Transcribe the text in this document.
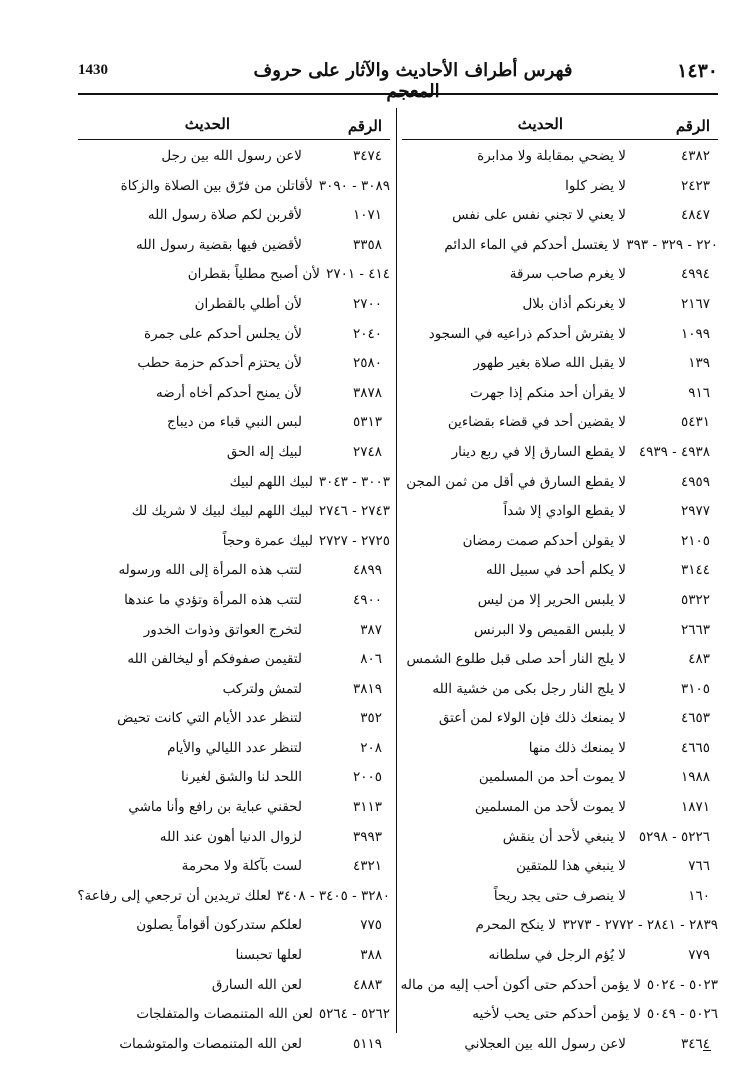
١٤٣٠
فهرس أطراف الأحاديث والآثار على حروف المعجم
1430
الرقم
الحديث
٤٣٨٢
لا يضحي بمقابلة ولا مدابرة
٢٤٢٣
لا يضر كلوا
٤٨٤٧
لا يعني لا تجني نفس على نفس
٢٢٠ - ٣٢٩ - ٣٩٣
لا يغتسل أحدكم في الماء الدائم
٤٩٩٤
لا يغرم صاحب سرقة
٢١٦٧
لا يغرنكم أذان بلال
١٠٩٩
لا يفترش أحدكم ذراعيه في السجود
١٣٩
لا يقبل الله صلاة بغير طهور
٩١٦
لا يقرأن أحد منكم إذا جهرت
٥٤٣١
لا يقضين أحد في قضاء بقضاءين
٤٩٣٨ - ٤٩٣٩
لا يقطع السارق إلا في ربع دينار
٤٩٥٩
لا يقطع السارق في أقل من ثمن المجن
٢٩٧٧
لا يقطع الوادي إلا شداً
٢١٠٥
لا يقولن أحدكم صمت رمضان
٣١٤٤
لا يكلم أحد في سبيل الله
٥٣٢٢
لا يلبس الحرير إلا من ليس
٢٦٦٣
لا يلبس القميص ولا البرنس
٤٨٣
لا يلج النار أحد صلى قبل طلوع الشمس
٣١٠٥
لا يلج النار رجل بكى من خشية الله
٤٦٥٣
لا يمنعك ذلك فإن الولاء لمن أعتق
٤٦٦٥
لا يمنعك ذلك منها
١٩٨٨
لا يموت أحد من المسلمين
١٨٧١
لا يموت لأحد من المسلمين
٥٢٢٦ - ٥٢٩٨
لا ينبغي لأحد أن ينقش
٧٦٦
لا ينبغي هذا للمتقين
١٦٠
لا ينصرف حتى يجد ريحاً
٢٨٣٩ - ٢٨٤١ - ٢٧٧٢ - ٣٢٧٣
لا ينكح المحرم
٧٧٩
لا يُؤم الرجل في سلطانه
٥٠٢٣ - ٥٠٢٤
لا يؤمن أحدكم حتى أكون أحب إليه من ماله
٥٠٢٦ - ٥٠٤٩
لا يؤمن أحدكم حتى يحب لأخيه
٣٤٦٤
لاعن رسول الله بين العجلاني
الرقم
الحديث
٣٤٧٤
لاعن رسول الله بين رجل
٣٠٨٩ - ٣٠٩٠
لأقاتلن من فرّق بين الصلاة والزكاة
١٠٧١
لأقربن لكم صلاة رسول الله
٣٣٥٨
لأقضين فيها بقضية رسول الله
٤١٤ - ٢٧٠١
لأن أصبح مطلياً بقطران
٢٧٠٠
لأن أطلي بالقطران
٢٠٤٠
لأن يجلس أحدكم على جمرة
٢٥٨٠
لأن يحتزم أحدكم حزمة حطب
٣٨٧٨
لأن يمنح أحدكم أخاه أرضه
٥٣١٣
لبس النبي قباء من ديباج
٢٧٤٨
لبيك إله الحق
٣٠٠٣ - ٣٠٤٣
لبيك اللهم لبيك
٢٧٤٣ - ٢٧٤٦
لبيك اللهم لبيك لبيك لا شريك لك
٢٧٢٥ - ٢٧٢٧
لبيك عمرة وحجاً
٤٨٩٩
لتتب هذه المرأة إلى الله ورسوله
٤٩٠٠
لتتب هذه المرأة وتؤدي ما عندها
٣٨٧
لتخرج العواتق وذوات الخدور
٨٠٦
لتقيمن صفوفكم أو ليخالفن الله
٣٨١٩
لتمش ولتركب
٣٥٢
لتنظر عدد الأيام التي كانت تحيض
٢٠٨
لتنظر عدد الليالي والأيام
٢٠٠٥
اللحد لنا والشق لغيرنا
٣١١٣
لحقني عباية بن رافع وأنا ماشي
٣٩٩٣
لزوال الدنيا أهون عند الله
٤٣٢١
لست بآكلة ولا محرمة
٣٢٨٠ - ٣٤٠٥ - ٣٤٠٨
لعلك تريدين أن ترجعي إلى رفاعة؟
٧٧٥
لعلكم ستدركون أقواماً يصلون
٣٨٨
لعلها تحبسنا
٤٨٨٣
لعن الله السارق
٥٢٦٢ - ٥٢٦٤
لعن الله المتنمصات والمتفلجات
٥١١٩
لعن الله المتنمصات والمتوشمات
